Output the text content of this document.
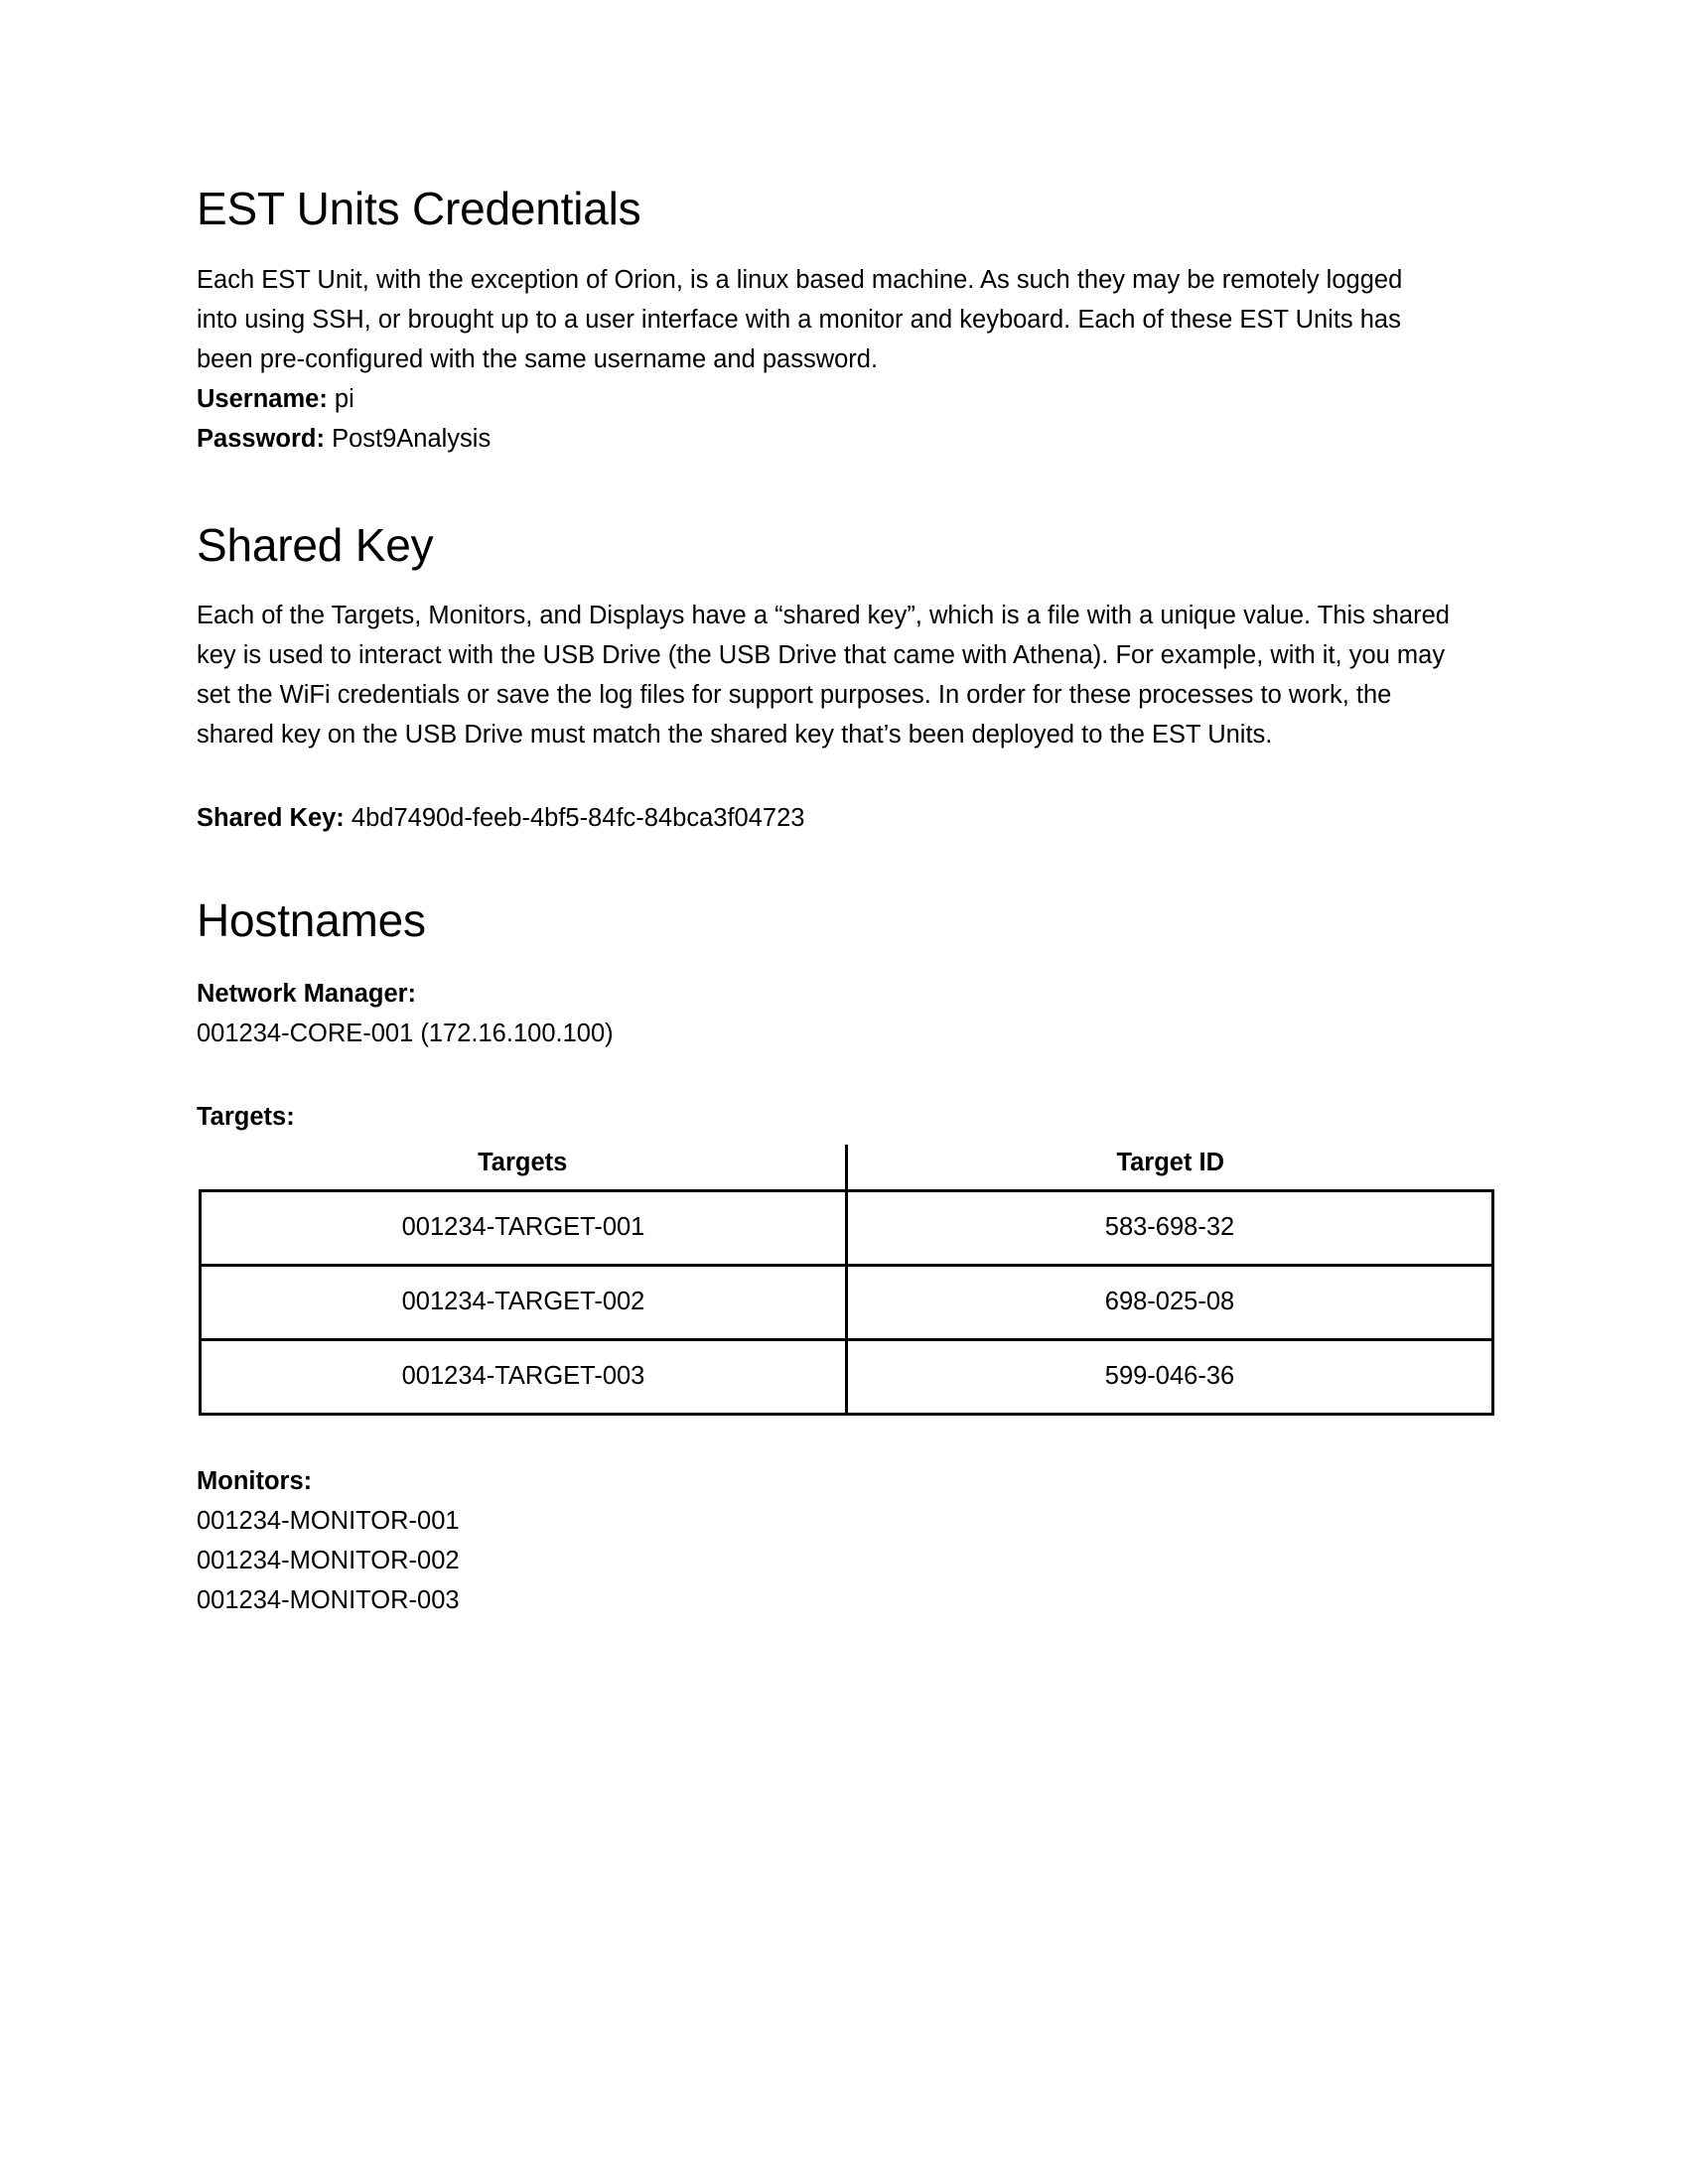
EST Units Credentials

Each EST Unit, with the exception of Orion, is a linux based machine. As such they may be remotely logged into using SSH, or brought up to a user interface with a monitor and keyboard. Each of these EST Units has been pre-configured with the same username and password.

Username: pi
Password: Post9Analysis
Shared Key

Each of the Targets, Monitors, and Displays have a “shared key”, which is a file with a unique value. This shared key is used to interact with the USB Drive (the USB Drive that came with Athena). For example, with it, you may set the WiFi credentials or save the log files for support purposes. In order for these processes to work, the shared key on the USB Drive must match the shared key that’s been deployed to the EST Units.

Shared Key: 4bd7490d-feeb-4bf5-84fc-84bca3f04723
Hostnames
Network Manager:
001234-CORE-001 (172.16.100.100)
Targets:
Targets	Target ID
001234-TARGET-001	583-698-32
001234-TARGET-002	698-025-08
001234-TARGET-003	599-046-36
Monitors:
001234-MONITOR-001
001234-MONITOR-002
001234-MONITOR-003
